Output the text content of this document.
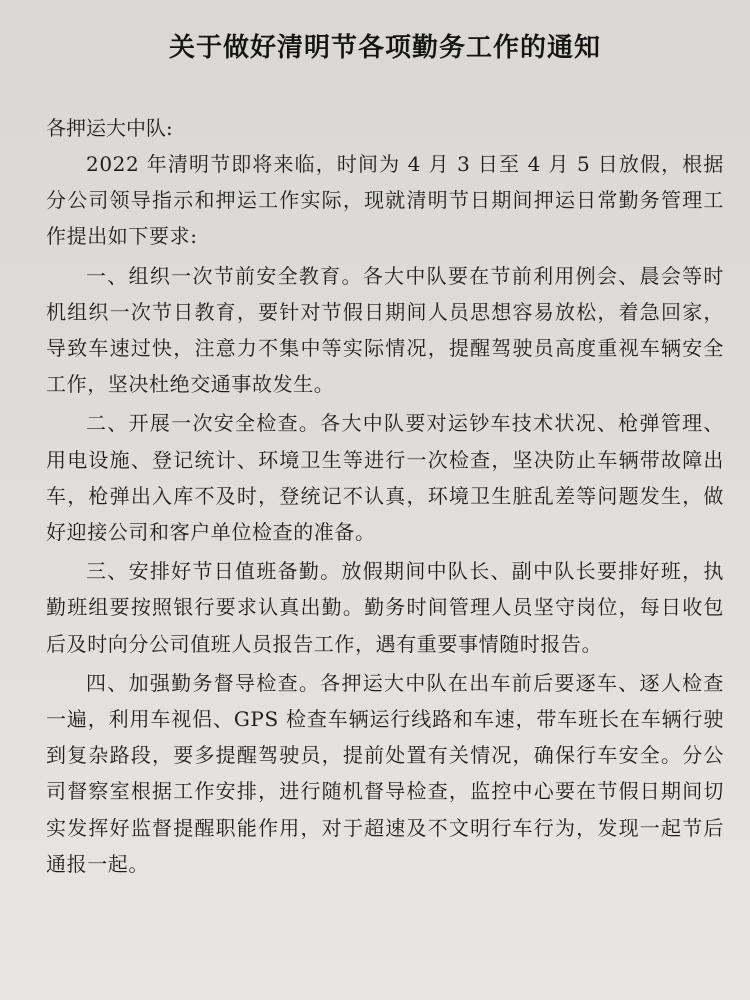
关于做好清明节各项勤务工作的通知

各押运大中队:

2022 年清明节即将来临，时间为 4 月 3 日至 4 月 5 日放假，根据分公司领导指示和押运工作实际，现就清明节日期间押运日常勤务管理工作提出如下要求:

一、组织一次节前安全教育。各大中队要在节前利用例会、晨会等时机组织一次节日教育，要针对节假日期间人员思想容易放松，着急回家，导致车速过快，注意力不集中等实际情况，提醒驾驶员高度重视车辆安全工作，坚决杜绝交通事故发生。

二、开展一次安全检查。各大中队要对运钞车技术状况、枪弹管理、用电设施、登记统计、环境卫生等进行一次检查，坚决防止车辆带故障出车，枪弹出入库不及时，登统记不认真，环境卫生脏乱差等问题发生，做好迎接公司和客户单位检查的准备。

三、安排好节日值班备勤。放假期间中队长、副中队长要排好班，执勤班组要按照银行要求认真出勤。勤务时间管理人员坚守岗位，每日收包后及时向分公司值班人员报告工作，遇有重要事情随时报告。

四、加强勤务督导检查。各押运大中队在出车前后要逐车、逐人检查一遍，利用车视侣、GPS 检查车辆运行线路和车速，带车班长在车辆行驶到复杂路段，要多提醒驾驶员，提前处置有关情况，确保行车安全。分公司督察室根据工作安排，进行随机督导检查，监控中心要在节假日期间切实发挥好监督提醒职能作用，对于超速及不文明行车行为，发现一起节后通报一起。
